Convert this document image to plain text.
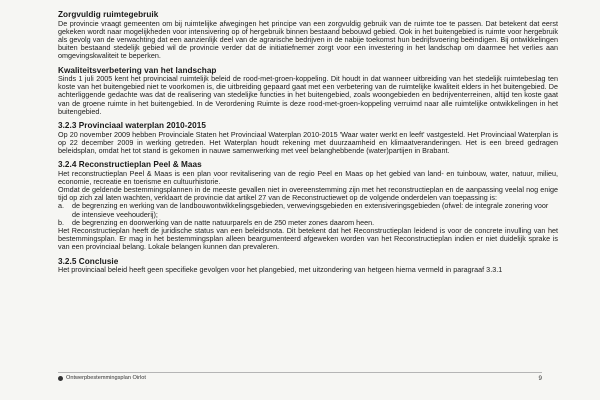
Zorgvuldig ruimtegebruik

De provincie vraagt gemeenten om bij ruimtelijke afwegingen het principe van een zorgvuldig gebruik van de ruimte toe te passen. Dat betekent dat eerst gekeken wordt naar mogelijkheden voor intensivering op of hergebruik binnen bestaand bebouwd gebied. Ook in het buitengebied is ruimte voor hergebruik als gevolg van de verwachting dat een aanzienlijk deel van de agrarische bedrijven in de nabije toekomst hun bedrijfsvoering beëindigen. Bij ontwikkelingen buiten bestaand stedelijk gebied wil de provincie verder dat de initiatiefnemer zorgt voor een investering in het landschap om daarmee het verlies aan omgevingskwaliteit te beperken.

Kwaliteitsverbetering van het landschap

Sinds 1 juli 2005 kent het provinciaal ruimtelijk beleid de rood-met-groen-koppeling. Dit houdt in dat wanneer uitbreiding van het stedelijk ruimtebeslag ten koste van het buitengebied niet te voorkomen is, die uitbreiding gepaard gaat met een verbetering van de ruimtelijke kwaliteit elders in het buitengebied. De achterliggende gedachte was dat de realisering van stedelijke functies in het buitengebied, zoals woongebieden en bedrijventerreinen, altijd ten koste gaat van de groene ruimte in het buitengebied. In de Verordening Ruimte is deze rood-met-groen-koppeling verruimd naar alle ruimtelijke ontwikkelingen in het buitengebied.

3.2.3 Provinciaal waterplan 2010-2015

Op 20 november 2009 hebben Provinciale Staten het Provinciaal Waterplan 2010-2015 'Waar water werkt en leeft' vastgesteld. Het Provinciaal Waterplan is op 22 december 2009 in werking getreden. Het Waterplan houdt rekening met duurzaamheid en klimaatveranderingen. Het is een breed gedragen beleidsplan, omdat het tot stand is gekomen in nauwe samenwerking met veel belanghebbende (water)partijen in Brabant.

3.2.4 Reconstructieplan Peel & Maas

Het reconstructieplan Peel & Maas is een plan voor revitalisering van de regio Peel en Maas op het gebied van land- en tuinbouw, water, natuur, milieu, economie, recreatie en toerisme en cultuurhistorie.

Omdat de geldende bestemmingsplannen in de meeste gevallen niet in overeenstemming zijn met het reconstructieplan en de aanpassing veelal nog enige tijd op zich zal laten wachten, verklaart de provincie dat artikel 27 van de Reconstructiewet op de volgende onderdelen van toepassing is:

a.	de begrenzing en werking van de landbouwontwikkelingsgebieden, verwevingsgebieden en extensiveringsgebieden (ofwel: de integrale zonering voor de intensieve veehouderij);
b.	de begrenzing en doorwerking van de natte natuurparels en de 250 meter zones daarom heen.

Het Reconstructieplan heeft de juridische status van een beleidsnota. Dit betekent dat het Reconstructieplan leidend is voor de concrete invulling van het bestemmingsplan. Er mag in het bestemmingsplan alleen beargumenteerd afgeweken worden van het Reconstructieplan indien er niet duidelijk sprake is van een provinciaal belang. Lokale belangen kunnen dan prevaleren.

3.2.5 Conclusie

Het provinciaal beleid heeft geen specifieke gevolgen voor het plangebied, met uitzondering van hetgeen hierna vermeld in paragraaf 3.3.1

Ontwerpbestemmingsplan Oirlot	9
